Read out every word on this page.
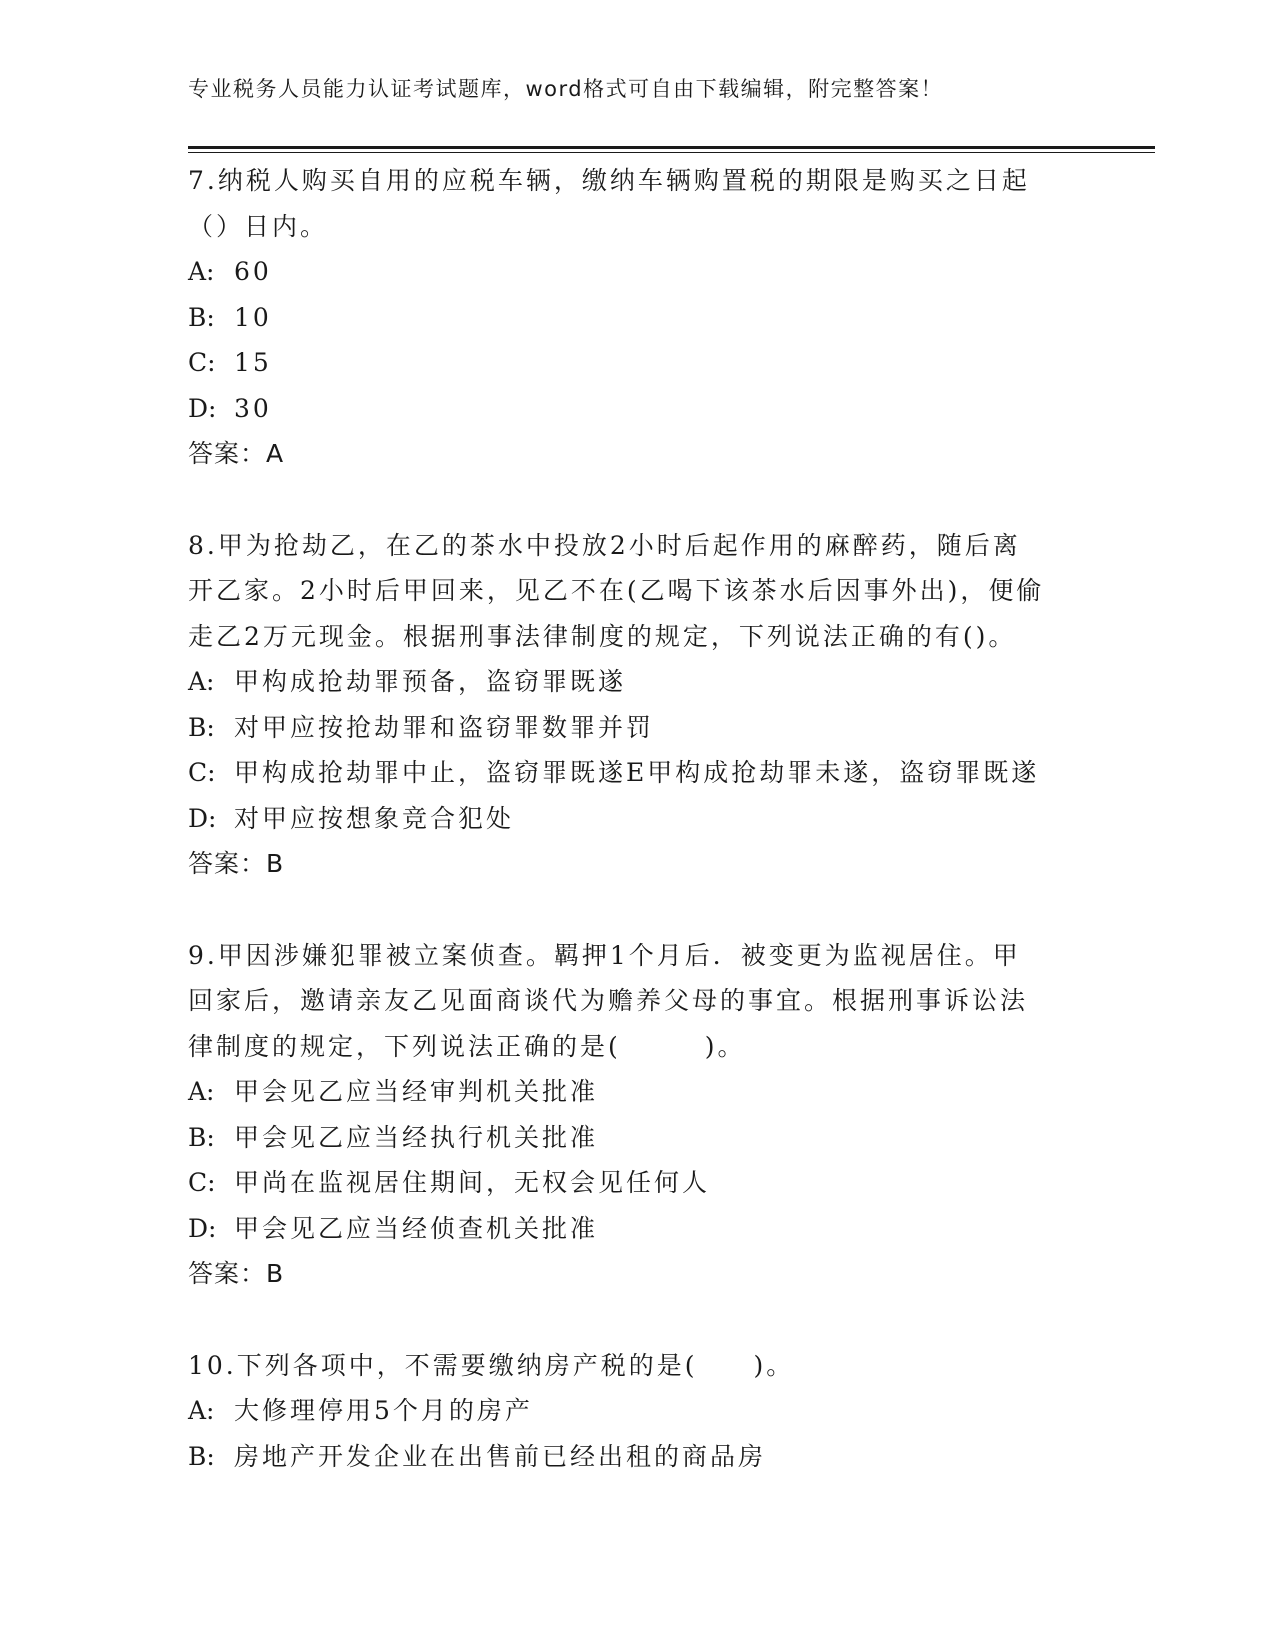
专业税务人员能力认证考试题库，word格式可自由下载编辑，附完整答案！
7.纳税人购买自用的应税车辆，缴纳车辆购置税的期限是购买之日起
（）日内。
A: 60
B: 10
C: 15
D: 30
答案：A
8.甲为抢劫乙，在乙的茶水中投放2小时后起作用的麻醉药，随后离
开乙家。2小时后甲回来，见乙不在(乙喝下该茶水后因事外出)，便偷
走乙2万元现金。根据刑事法律制度的规定，下列说法正确的有()。
A: 甲构成抢劫罪预备，盗窃罪既遂
B: 对甲应按抢劫罪和盗窃罪数罪并罚
C: 甲构成抢劫罪中止，盗窃罪既遂E甲构成抢劫罪未遂，盗窃罪既遂
D: 对甲应按想象竞合犯处
答案：B
9.甲因涉嫌犯罪被立案侦查。羁押1个月后．被变更为监视居住。甲
回家后，邀请亲友乙见面商谈代为赡养父母的事宜。根据刑事诉讼法
律制度的规定，下列说法正确的是(　　　)。
A: 甲会见乙应当经审判机关批准
B: 甲会见乙应当经执行机关批准
C: 甲尚在监视居住期间，无权会见任何人
D: 甲会见乙应当经侦查机关批准
答案：B
10.下列各项中，不需要缴纳房产税的是(　　)。
A: 大修理停用5个月的房产
B: 房地产开发企业在出售前已经出租的商品房
